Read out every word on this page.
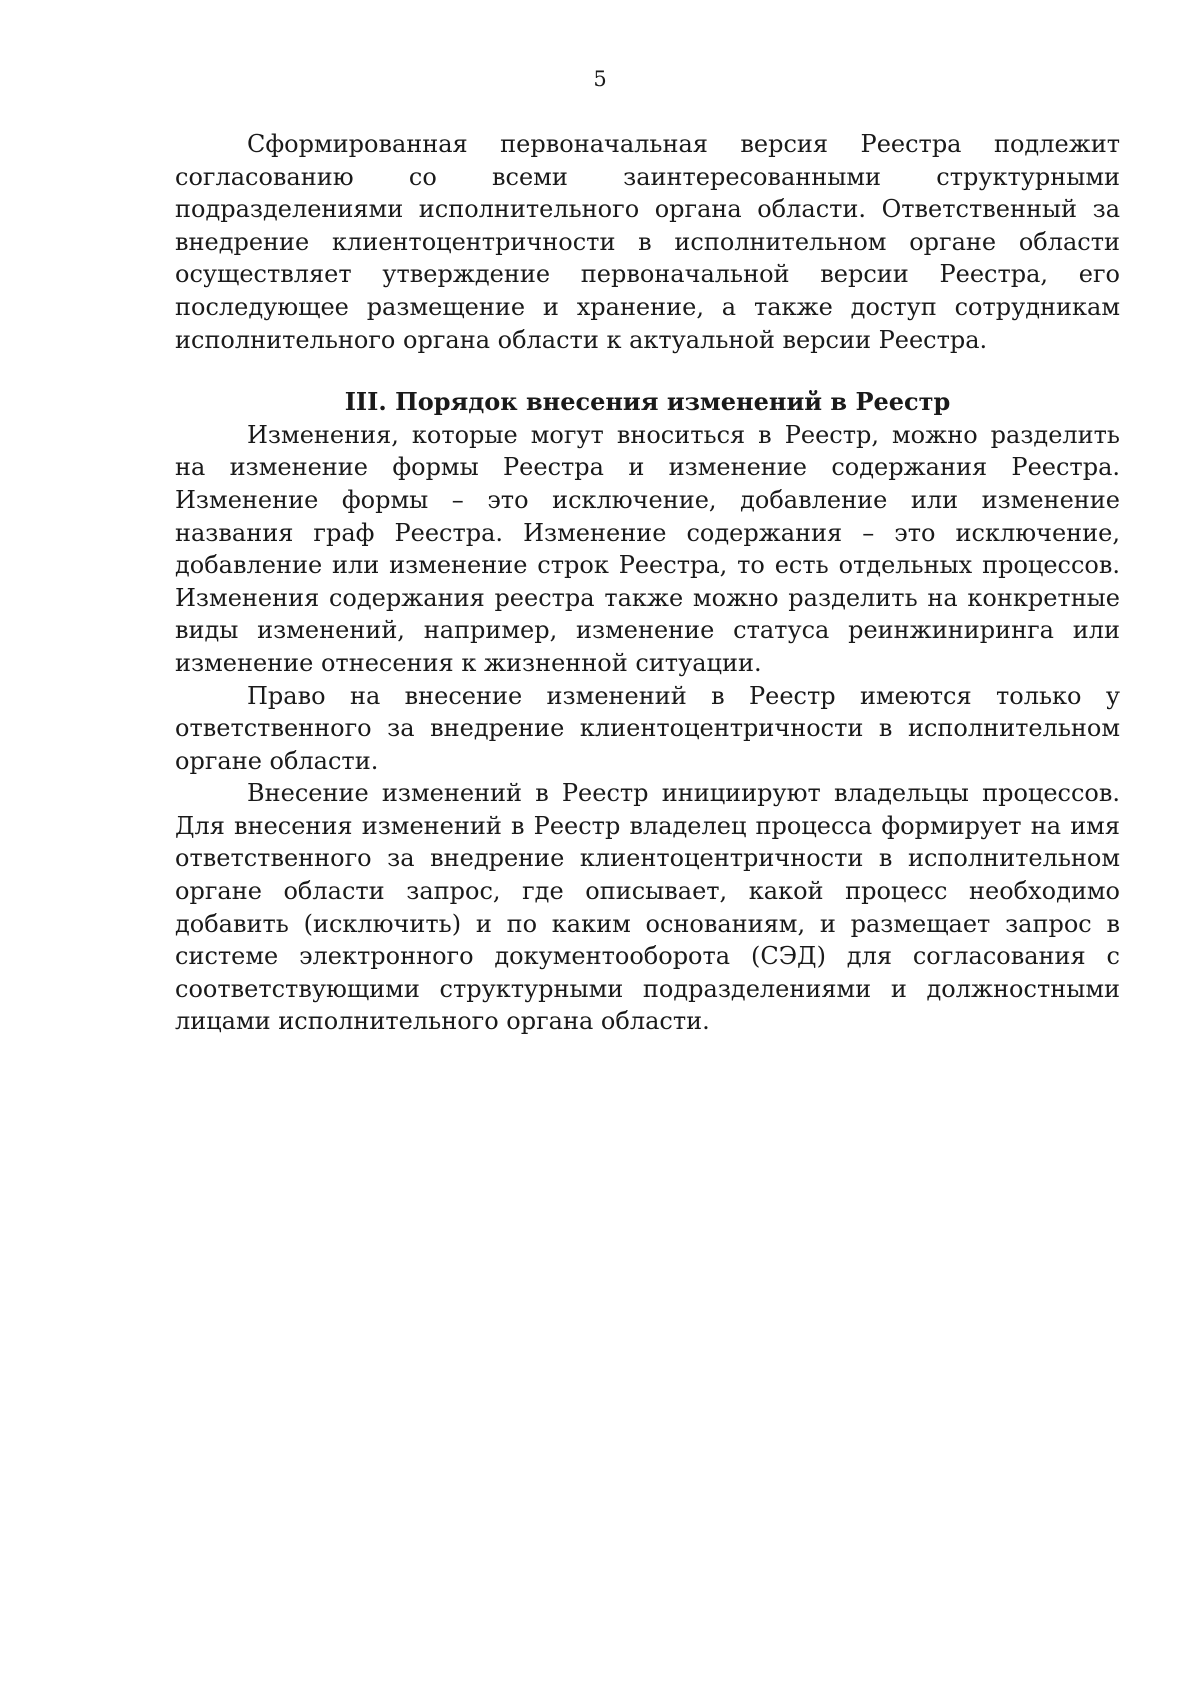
5

Сформированная первоначальная версия Реестра подлежит согласованию со всеми заинтересованными структурными подразделениями исполнительного органа области. Ответственный за внедрение клиентоцентричности в исполнительном органе области осуществляет утверждение первоначальной версии Реестра, его последующее размещение и хранение, а также доступ сотрудникам исполнительного органа области к актуальной версии Реестра.

III. Порядок внесения изменений в Реестр

Изменения, которые могут вноситься в Реестр, можно разделить на изменение формы Реестра и изменение содержания Реестра. Изменение формы – это исключение, добавление или изменение названия граф Реестра. Изменение содержания – это исключение, добавление или изменение строк Реестра, то есть отдельных процессов. Изменения содержания реестра также можно разделить на конкретные виды изменений, например, изменение статуса реинжиниринга или изменение отнесения к жизненной ситуации.

Право на внесение изменений в Реестр имеются только у ответственного за внедрение клиентоцентричности в исполнительном органе области.

Внесение изменений в Реестр инициируют владельцы процессов. Для внесения изменений в Реестр владелец процесса формирует на имя ответственного за внедрение клиентоцентричности в исполнительном органе области запрос, где описывает, какой процесс необходимо добавить (исключить) и по каким основаниям, и размещает запрос в системе электронного документооборота (СЭД) для согласования с соответствующими структурными подразделениями и должностными лицами исполнительного органа области.
